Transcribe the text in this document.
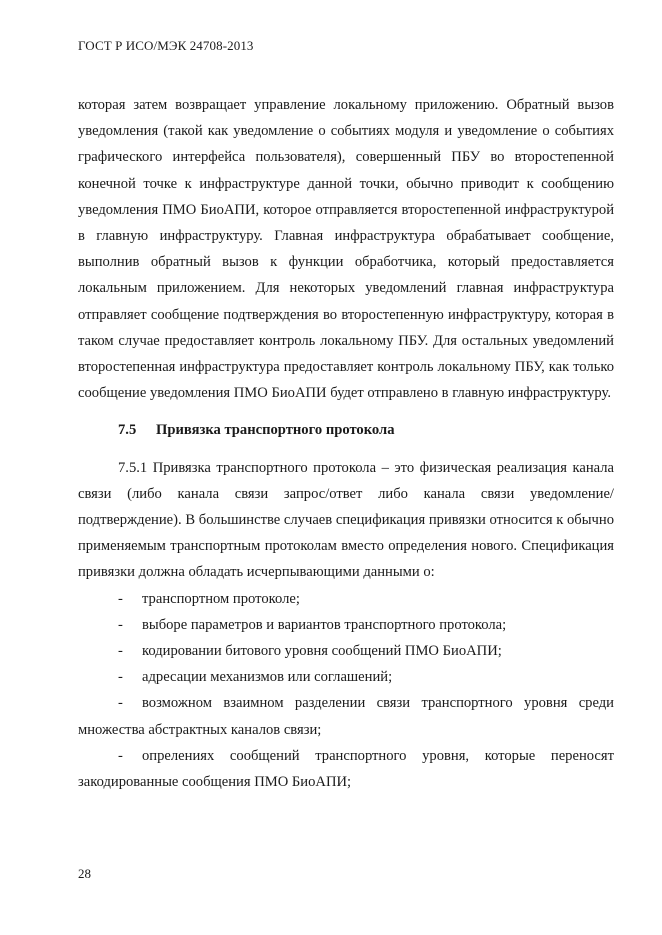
ГОСТ Р ИСО/МЭК 24708-2013

которая затем возвращает управление локальному приложению. Обратный вызов уведомления (такой как уведомление о событиях модуля и уведомление о событиях графического интерфейса пользователя), совершенный ПБУ во второстепенной конечной точке к инфраструктуре данной точки, обычно приводит к сообщению уведомления ПМО БиоАПИ, которое отправляется второстепенной инфраструктурой в главную инфраструктуру. Главная инфраструктура обрабатывает сообщение, выполнив обратный вызов к функции обработчика, который предоставляется локальным приложением. Для некоторых уведомлений главная инфраструктура отправляет сообщение подтверждения во второстепенную инфраструктуру, которая в таком случае предоставляет контроль локальному ПБУ. Для остальных уведомлений второстепенная инфраструктура предоставляет контроль локальному ПБУ, как только сообщение уведомления ПМО БиоАПИ будет отправлено в главную инфраструктуру.

7.5 Привязка транспортного протокола

7.5.1 Привязка транспортного протокола – это физическая реализация канала связи (либо канала связи запрос/ответ либо канала связи уведомление/подтверждение). В большинстве случаев спецификация привязки относится к обычно применяемым транспортным протоколам вместо определения нового. Спецификация привязки должна обладать исчерпывающими данными о:

- транспортном протоколе;

- выборе параметров и вариантов транспортного протокола;

- кодировании битового уровня сообщений ПМО БиоАПИ;

- адресации механизмов или соглашений;

- возможном взаимном разделении связи транспортного уровня среди множества абстрактных каналов связи;

- опрелениях сообщений транспортного уровня, которые переносят закодированные сообщения ПМО БиоАПИ;

28
